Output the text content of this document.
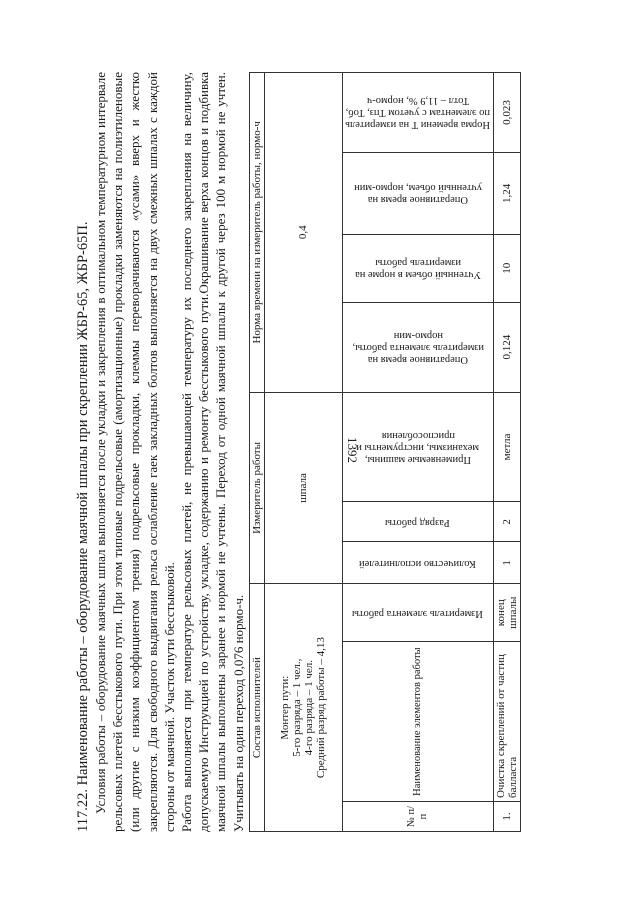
1392

117.22. Наименование работы – оборудование маячной шпалы при скреплении ЖБР-65, ЖБР-65П. Условия работы – оборудование маячных шпал выполняется после укладки и закрепления в оптимальном температурном интервале рельсовых плетей бесстыкового пути. При этом типовые подрельсовые (амортизационные) прокладки заменяются на полиэтиленовые (или другие с низким коэффициентом трения) подрельсовые прокладки, клеммы переворачиваются «усами» вверх и жестко закрепляются. Для свободного выдвигания рельса ослабление гаек закладных болтов выполняется на двух смежных шпалах с каждой стороны от маячной. Участок пути бесстыковой. Работа выполняется при температуре рельсовых плетей, не превышающей температуру их последнего закрепления на величину, допускаемую Инструкцией по устройству, укладке, содержанию и ремонту бесстыкового пути.Окрашивание верха концов и подбивка маячной шпалы выполнены заранее и нормой не учтены. Переход от одной маячной шпалы к другой через 100 м нормой не учтен. Учитывать на один переход 0,076 нормо-ч. Состав исполнителей			Измеритель работы			Норма времени на измеритель работы, нормо-ч			

Монтер пути: 5-го разряда – 1 чел., 4-го разряда – 1 чел. Средний разряд работы – 4,13			шпала			0,4			
№ п/п	Наименование элементов работы	Измеритель элемента работы	Количество исполнителей	Разряд работы	Применяемые машины, механизмы, инструменты и приспособления	Оперативное время на измеритель элемента работы, нормо-мин	Учтенный объем в норме на измеритель работы	Оперативное время на учтенный объем, нормо-мин	Норма времени Т на измеритель по элементам с учетом Тпз, Тоб, Тотл – 11,9 %, нормо-ч

1.	Очистка скреплений от частиц балласта	конец шпалы	1	2	метла	0,124	10	1,24	0,023
